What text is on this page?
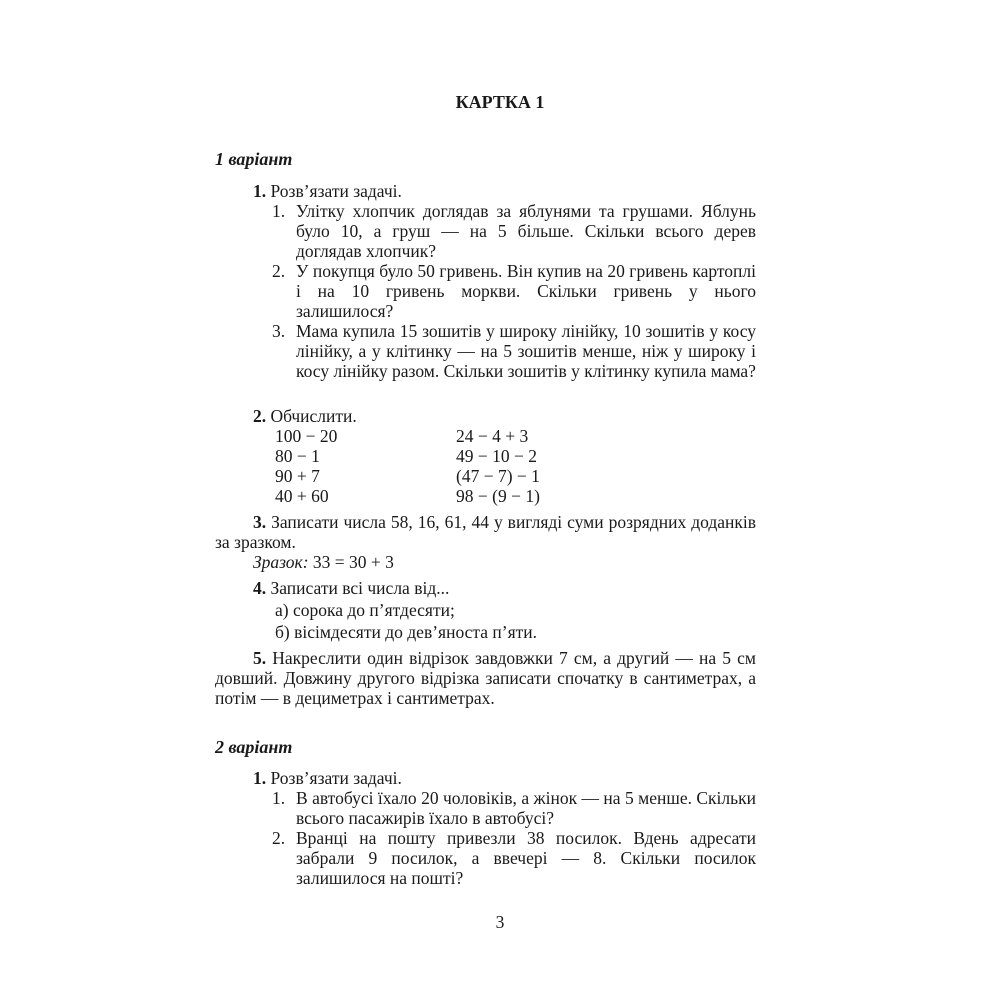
КАРТКА 1
1 варіант
1. Розв’язати задачі.
1. Улітку хлопчик доглядав за яблунями та грушами. Яблунь було 10, а груш — на 5 більше. Скільки всього дерев доглядав хлопчик?
2. У покупця було 50 гривень. Він купив на 20 гривень картоплі і на 10 гривень моркви. Скільки гривень у нього залишилося?
3. Мама купила 15 зошитів у широку лінійку, 10 зошитів у косу лінійку, а у клітинку — на 5 зошитів менше, ніж у широку і косу лінійку разом. Скільки зошитів у клітинку купила мама?
2. Обчислити.
100 − 20
80 − 1
90 + 7
40 + 60
24 − 4 + 3
49 − 10 − 2
(47 − 7) − 1
98 − (9 − 1)
3. Записати числа 58, 16, 61, 44 у вигляді суми розрядних доданків за зразком.
Зразок: 33 = 30 + 3
4. Записати всі числа від...
а) сорока до п’ятдесяти;
б) вісімдесяти до дев’яноста п’яти.
5. Накреслити один відрізок завдовжки 7 см, а другий — на 5 см довший. Довжину другого відрізка записати спочатку в сантиметрах, а потім — в дециметрах і сантиметрах.
2 варіант
1. Розв’язати задачі.
1. В автобусі їхало 20 чоловіків, а жінок — на 5 менше. Скільки всього пасажирів їхало в автобусі?
2. Вранці на пошту привезли 38 посилок. Вдень адресати забрали 9 посилок, а ввечері — 8. Скільки посилок залишилося на пошті?
3
